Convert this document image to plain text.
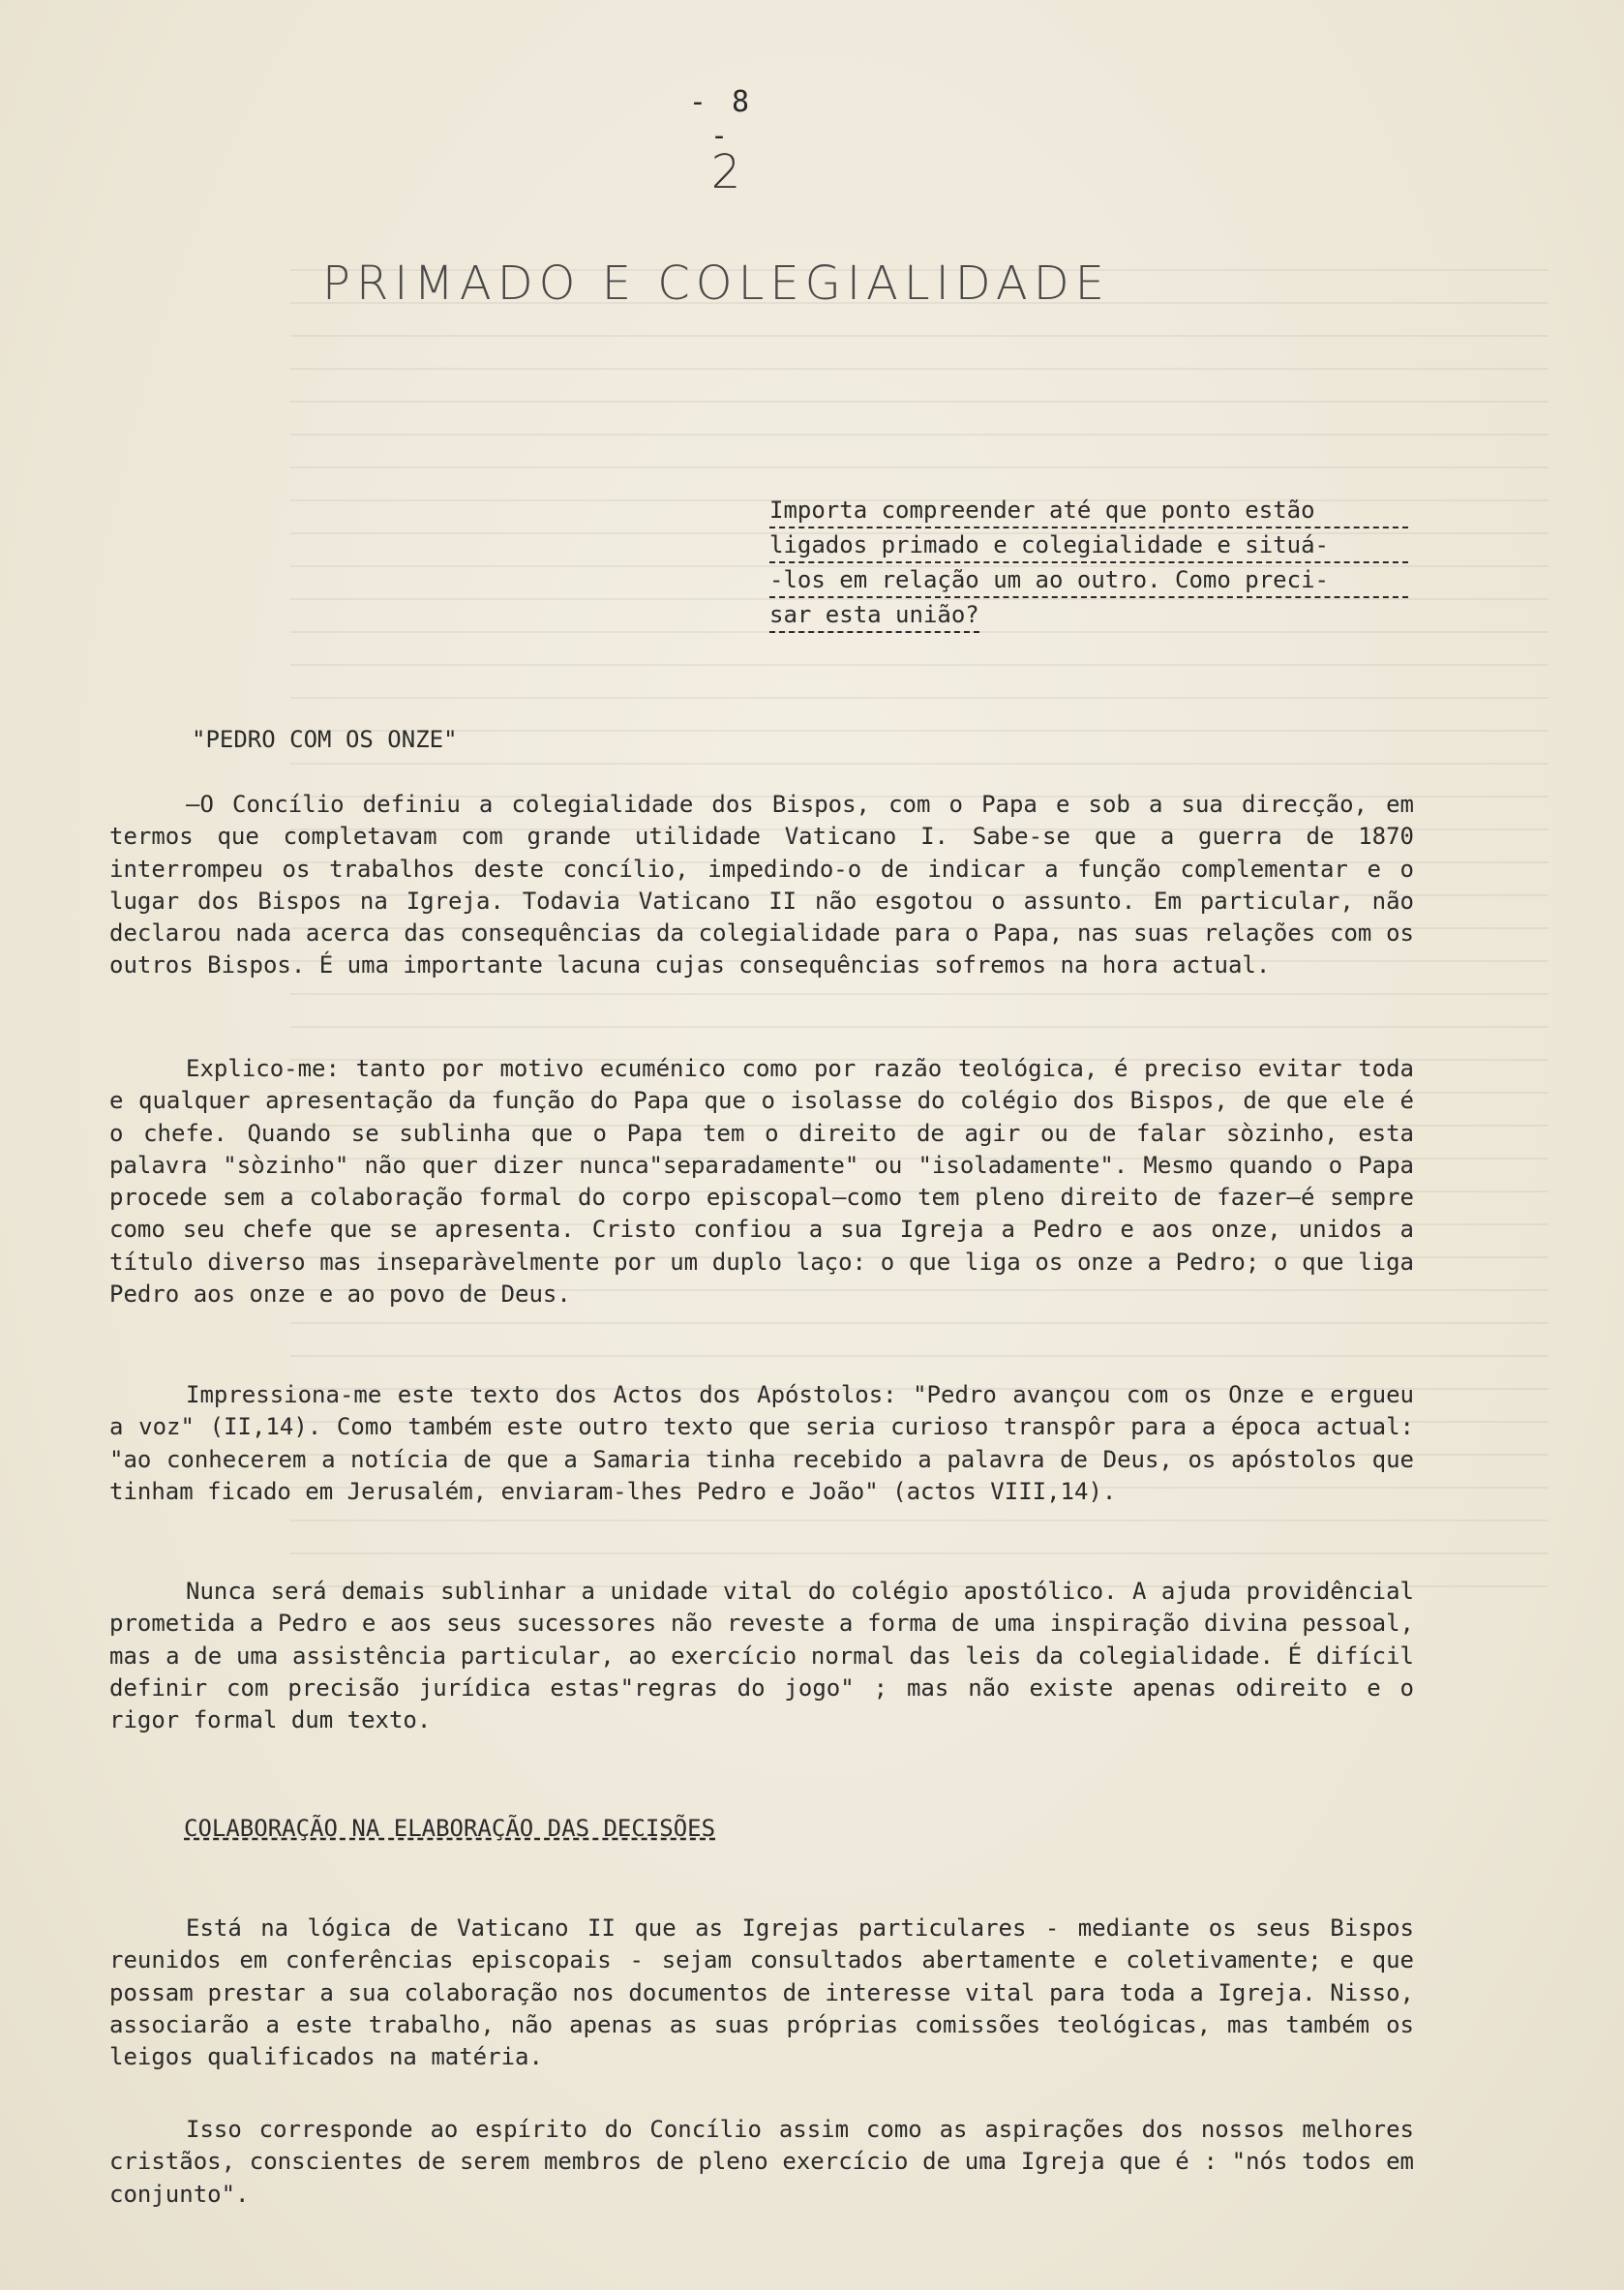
- 8 -
2
PRIMADO E COLEGIALIDADE
Importa compreender até que ponto estão
ligados primado e colegialidade e situá-
-los em relação um ao outro. Como preci-
sar esta união?
"PEDRO COM OS ONZE"
—O Concílio definiu a colegialidade dos Bispos, com o Papa e sob a sua direcção, em termos que completavam com grande utilidade Vaticano I. Sabe-se que a guerra de 1870 interrompeu os trabalhos deste concílio, impedindo-o de indicar a função complementar e o lugar dos Bispos na Igreja. Todavia Vaticano II não esgotou o assunto. Em particular, não declarou nada acerca das consequências da colegialidade para o Papa, nas suas relações com os outros Bispos. É uma importante lacuna cujas consequências sofremos na hora actual.
Explico-me: tanto por motivo ecuménico como por razão teológica, é preciso evitar toda e qualquer apresentação da função do Papa que o isolasse do colégio dos Bispos, de que ele é o chefe. Quando se sublinha que o Papa tem o direito de agir ou de falar sòzinho, esta palavra "sòzinho" não quer dizer nunca"separadamente" ou "isoladamente". Mesmo quando o Papa procede sem a colaboração formal do corpo episcopal—como tem pleno direito de fazer—é sempre como seu chefe que se apresenta. Cristo confiou a sua Igreja a Pedro e aos onze, unidos a título diverso mas inseparàvelmente por um duplo laço: o que liga os onze a Pedro; o que liga Pedro aos onze e ao povo de Deus.
Impressiona-me este texto dos Actos dos Apóstolos: "Pedro avançou com os Onze e ergueu a voz" (II,14). Como também este outro texto que seria curioso transpôr para a época actual: "ao conhecerem a notícia de que a Samaria tinha recebido a palavra de Deus, os apóstolos que tinham ficado em Jerusalém, enviaram-lhes Pedro e João" (actos VIII,14).
Nunca será demais sublinhar a unidade vital do colégio apostólico. A ajuda providêncial prometida a Pedro e aos seus sucessores não reveste a forma de uma inspiração divina pessoal, mas a de uma assistência particular, ao exercício normal das leis da colegialidade. É difícil definir com precisão jurídica estas"regras do jogo" ; mas não existe apenas odireito e o rigor formal dum texto.
COLABORAÇÃO NA ELABORAÇÃO DAS DECISÕES
Está na lógica de Vaticano II que as Igrejas particulares - mediante os seus Bispos reunidos em conferências episcopais - sejam consultados abertamente e coletivamente; e que possam prestar a sua colaboração nos documentos de interesse vital para toda a Igreja. Nisso, associarão a este trabalho, não apenas as suas próprias comissões teológicas, mas também os leigos qualificados na matéria.
Isso corresponde ao espírito do Concílio assim como as aspirações dos nossos melhores cristãos, conscientes de serem membros de pleno exercício de uma Igreja que é : "nós todos em conjunto".
